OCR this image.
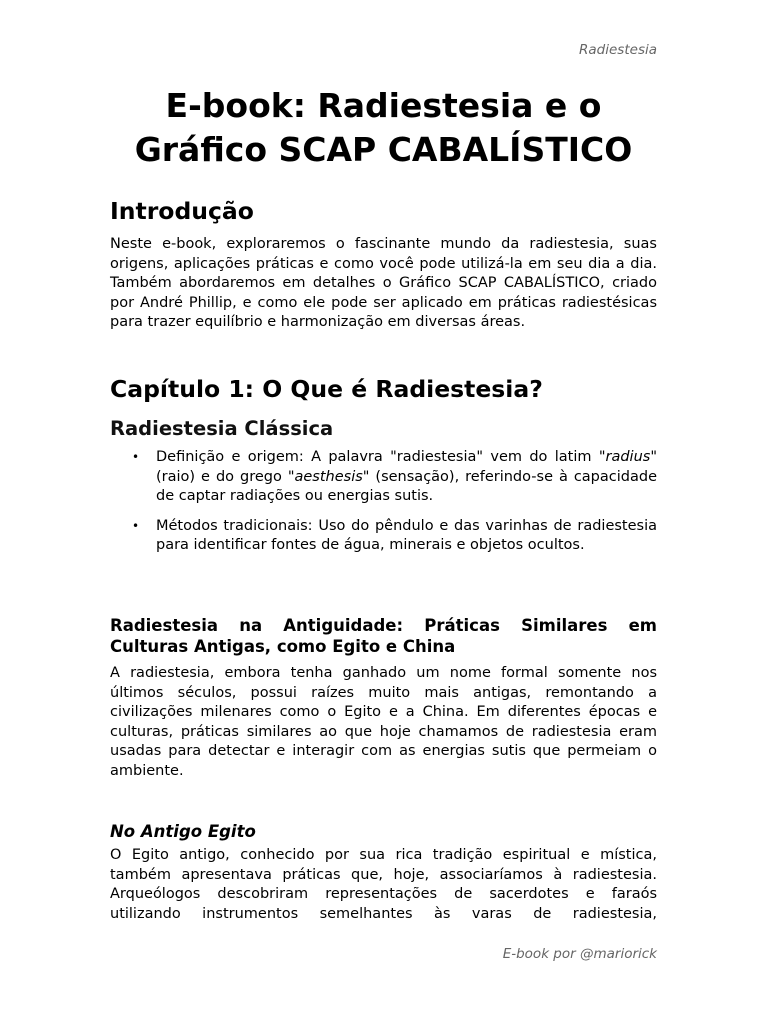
Radiestesia
E-book: Radiestesia e o
Gráfico SCAP CABALÍSTICO
Introdução

Neste e-book, exploraremos o fascinante mundo da radiestesia, suas origens, aplicações práticas e como você pode utilizá-la em seu dia a dia. Também abordaremos em detalhes o Gráfico SCAP CABALÍSTICO, criado por André Phillip, e como ele pode ser aplicado em práticas radiestésicas para trazer equilíbrio e harmonização em diversas áreas.

Capítulo 1: O Que é Radiestesia?
Radiestesia Clássica
• Definição e origem: A palavra "radiestesia" vem do latim "radius" (raio) e do grego "aesthesis" (sensação), referindo-se à capacidade de captar radiações ou energias sutis.
• Métodos tradicionais: Uso do pêndulo e das varinhas de radiestesia para identificar fontes de água, minerais e objetos ocultos.
Radiestesia na Antiguidade: Práticas Similares em Culturas Antigas, como Egito e China

A radiestesia, embora tenha ganhado um nome formal somente nos últimos séculos, possui raízes muito mais antigas, remontando a civilizações milenares como o Egito e a China. Em diferentes épocas e culturas, práticas similares ao que hoje chamamos de radiestesia eram usadas para detectar e interagir com as energias sutis que permeiam o ambiente.

No Antigo Egito

O Egito antigo, conhecido por sua rica tradição espiritual e mística, também apresentava práticas que, hoje, associaríamos à radiestesia. Arqueólogos descobriram representações de sacerdotes e faraós utilizando instrumentos semelhantes às varas de radiestesia,

E-book por @mariorick
